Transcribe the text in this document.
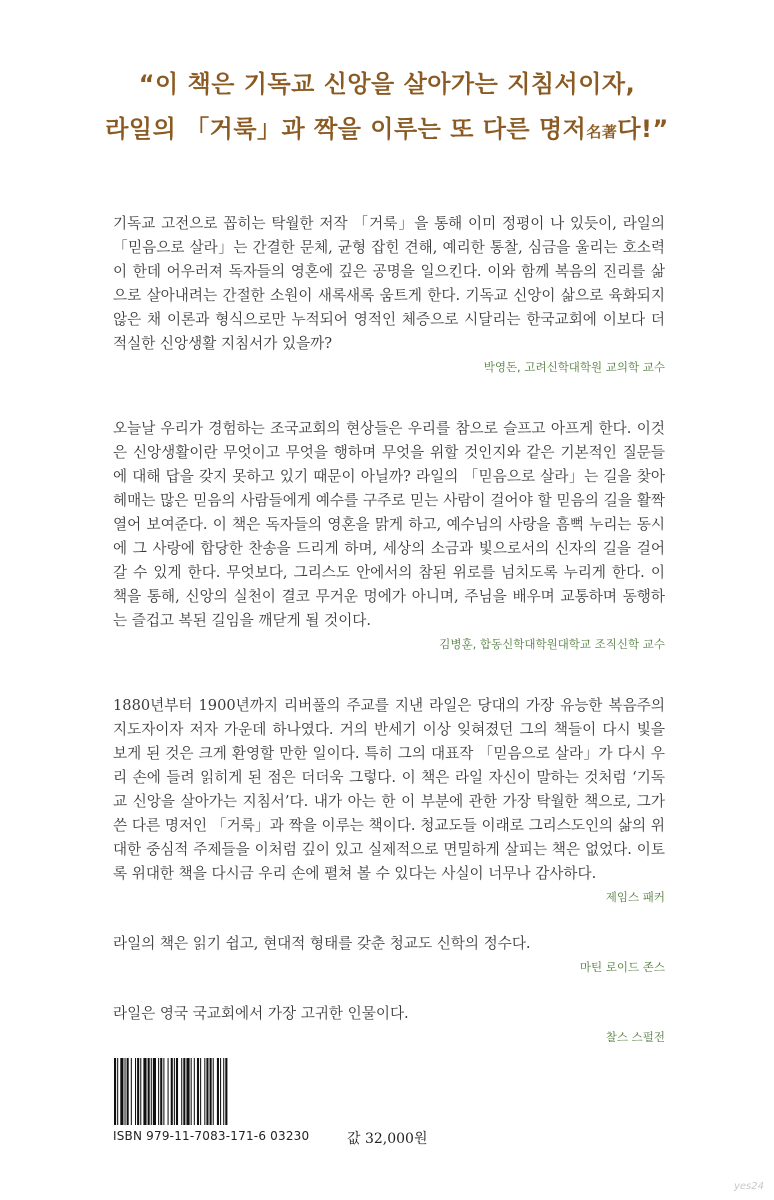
“이 책은 기독교 신앙을 살아가는 지침서이자,
라일의 「거룩」과 짝을 이루는 또 다른 명저名著다!”

기독교 고전으로 꼽히는 탁월한 저작 「거룩」을 통해 이미 정평이 나 있듯이, 라일의 「믿음으로 살라」는 간결한 문체, 균형 잡힌 견해, 예리한 통찰, 심금을 울리는 호소력이 한데 어우러져 독자들의 영혼에 깊은 공명을 일으킨다. 이와 함께 복음의 진리를 삶으로 살아내려는 간절한 소원이 새록새록 움트게 한다. 기독교 신앙이 삶으로 육화되지 않은 채 이론과 형식으로만 누적되어 영적인 체증으로 시달리는 한국교회에 이보다 더 적실한 신앙생활 지침서가 있을까?

박영돈, 고려신학대학원 교의학 교수

오늘날 우리가 경험하는 조국교회의 현상들은 우리를 참으로 슬프고 아프게 한다. 이것은 신앙생활이란 무엇이고 무엇을 행하며 무엇을 위할 것인지와 같은 기본적인 질문들에 대해 답을 갖지 못하고 있기 때문이 아닐까? 라일의 「믿음으로 살라」는 길을 찾아 헤매는 많은 믿음의 사람들에게 예수를 구주로 믿는 사람이 걸어야 할 믿음의 길을 활짝 열어 보여준다. 이 책은 독자들의 영혼을 맑게 하고, 예수님의 사랑을 흠뻑 누리는 동시에 그 사랑에 합당한 찬송을 드리게 하며, 세상의 소금과 빛으로서의 신자의 길을 걸어갈 수 있게 한다. 무엇보다, 그리스도 안에서의 참된 위로를 넘치도록 누리게 한다. 이 책을 통해, 신앙의 실천이 결코 무거운 멍에가 아니며, 주님을 배우며 교통하며 동행하는 즐겁고 복된 길임을 깨닫게 될 것이다.

김병훈, 합동신학대학원대학교 조직신학 교수

1880년부터 1900년까지 리버풀의 주교를 지낸 라일은 당대의 가장 유능한 복음주의 지도자이자 저자 가운데 하나였다. 거의 반세기 이상 잊혀졌던 그의 책들이 다시 빛을 보게 된 것은 크게 환영할 만한 일이다. 특히 그의 대표작 「믿음으로 살라」가 다시 우리 손에 들려 읽히게 된 점은 더더욱 그렇다. 이 책은 라일 자신이 말하는 것처럼 ‘기독교 신앙을 살아가는 지침서’다. 내가 아는 한 이 부분에 관한 가장 탁월한 책으로, 그가 쓴 다른 명저인 「거룩」과 짝을 이루는 책이다. 청교도들 이래로 그리스도인의 삶의 위대한 중심적 주제들을 이처럼 깊이 있고 실제적으로 면밀하게 살피는 책은 없었다. 이토록 위대한 책을 다시금 우리 손에 펼쳐 볼 수 있다는 사실이 너무나 감사하다.

제임스 패커

라일의 책은 읽기 쉽고, 현대적 형태를 갖춘 청교도 신학의 정수다.

마틴 로이드 존스

라일은 영국 국교회에서 가장 고귀한 인물이다.

찰스 스펄전
ISBN 979-11-7083-171-6 03230	값 32,000원
yes24
